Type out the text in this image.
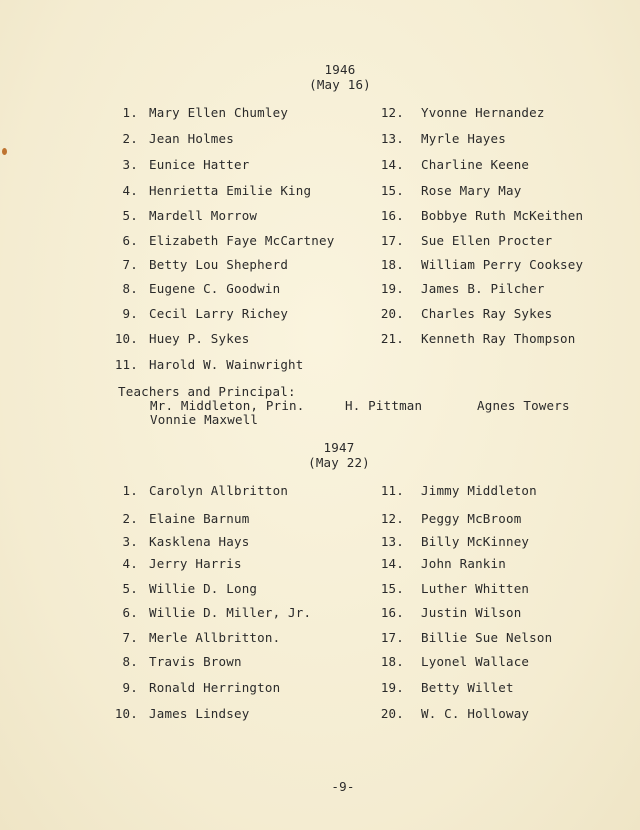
1946
(May 16)
1. Mary Ellen Chumley
2. Jean Holmes
3. Eunice Hatter
4. Henrietta Emilie King
5. Mardell Morrow
6. Elizabeth Faye McCartney
7. Betty Lou Shepherd
8. Eugene C. Goodwin
9. Cecil Larry Richey
10. Huey P. Sykes
11. Harold W. Wainwright
12. Yvonne Hernandez
13. Myrle Hayes
14. Charline Keene
15. Rose Mary May
16. Bobbye Ruth McKeithen
17. Sue Ellen Procter
18. William Perry Cooksey
19. James B. Pilcher
20. Charles Ray Sykes
21. Kenneth Ray Thompson
Teachers and Principal:
Mr. Middleton, Prin.	H. Pittman	Agnes Towers
Vonnie Maxwell
1947
(May 22)
1. Carolyn Allbritton
2. Elaine Barnum
3. Kasklena Hays
4. Jerry Harris
5. Willie D. Long
6. Willie D. Miller, Jr.
7. Merle Allbritton.
8. Travis Brown
9. Ronald Herrington
10. James Lindsey
11. Jimmy Middleton
12. Peggy McBroom
13. Billy McKinney
14. John Rankin
15. Luther Whitten
16. Justin Wilson
17. Billie Sue Nelson
18. Lyonel Wallace
19. Betty Willet
20. W. C. Holloway
-9-
